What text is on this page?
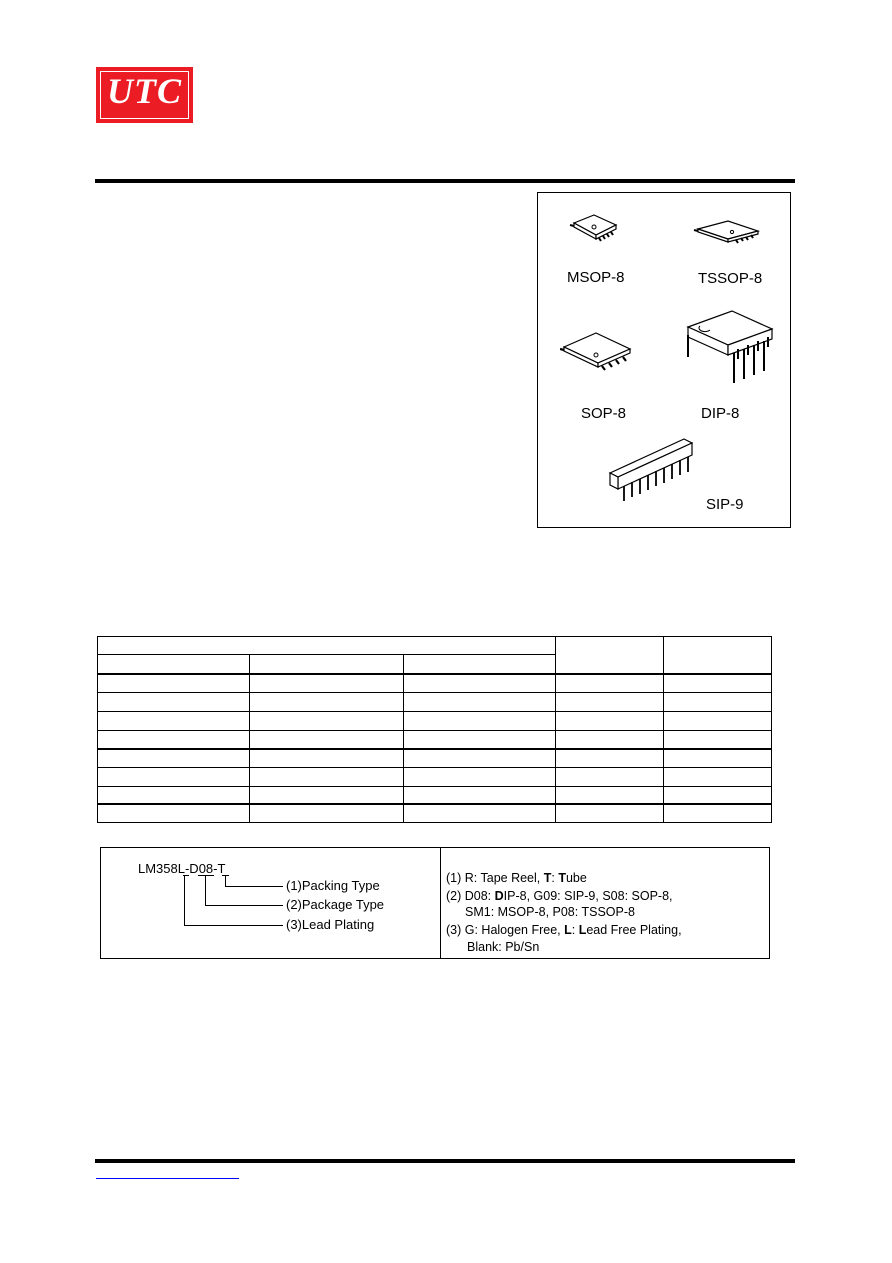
UTC
MSOP-8	TSSOP-8
SOP-8	DIP-8
SIP-9
LM358L-D08-T
(1)Packing Type
(2)Package Type
(3)Lead Plating
(1) R: Tape Reel, T: Tube
(2) D08: DIP-8, G09: SIP-9, S08: SOP-8,
SM1: MSOP-8, P08: TSSOP-8
(3) G: Halogen Free, L: Lead Free Plating,
Blank: Pb/Sn
